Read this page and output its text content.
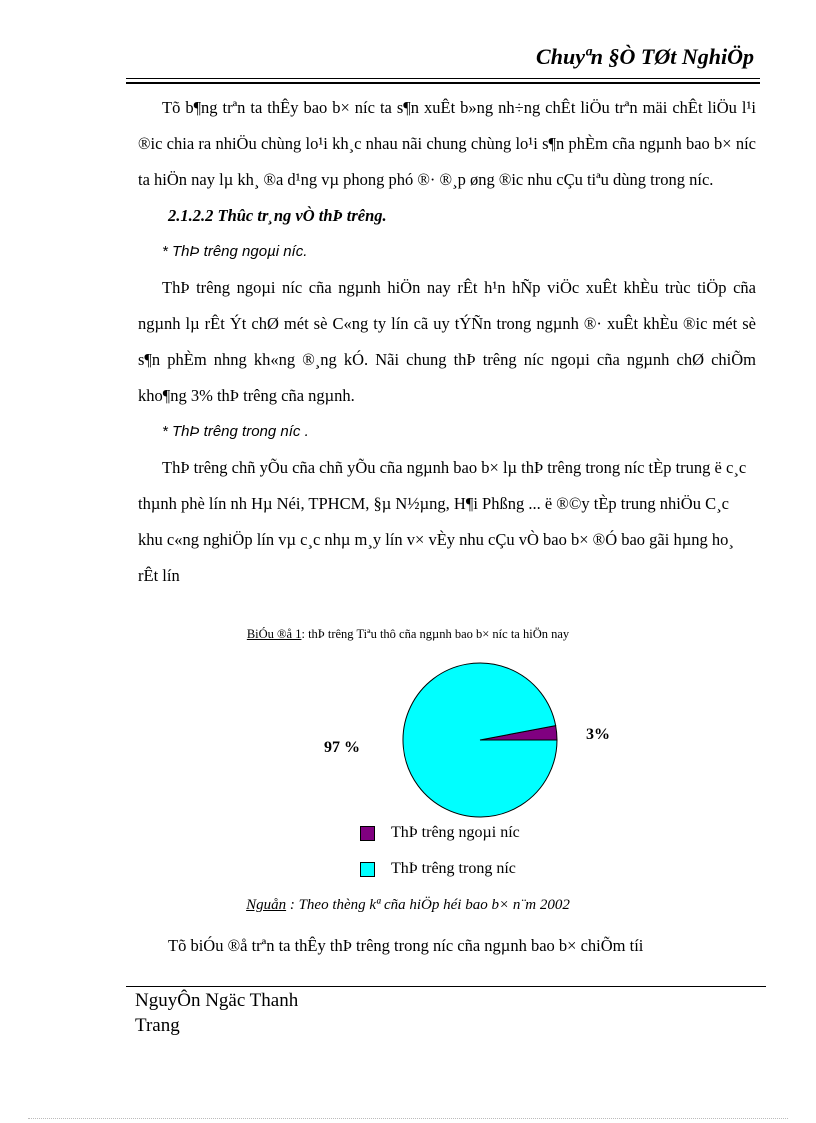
Chuyªn §Ò TØt NghiÖp

Tõ b¶ng trªn ta thÊy bao b× níc ta s¶n xuÊt b»ng nh÷ng chÊt liÖu trªn mäi chÊt liÖu l¹i ®ic chia ra nhiÖu chùng lo¹i kh¸c nhau nãi chung chùng lo¹i s¶n phÈm cña ngµnh bao b× níc ta hiÖn nay lµ kh¸ ®a d¹ng vµ phong phó ®· ®¸p øng ®ic nhu cÇu tiªu dùng trong níc.

2.1.2.2 Thûc tr¸ng vÒ thÞ trêng.

* ThÞ trêng ngoµi níc.

ThÞ trêng ngoµi níc cña ngµnh hiÖn nay rÊt h¹n hÑp viÖc xuÊt khÈu trùc tiÖp cña ngµnh lµ rÊt Ýt chØ mét sè C«ng ty lín cã uy tÝÑn trong ngµnh ®· xuÊt khÈu ®ic mét sè s¶n phÈm nhng kh«ng ®¸ng kÓ. Nãi chung thÞ trêng níc ngoµi cña ngµnh chØ chiÕm kho¶ng 3% thÞ trêng cña ngµnh.

* ThÞ trêng trong níc .

ThÞ trêng chñ yÕu cña chñ yÕu cña ngµnh bao b× lµ thÞ trêng trong níc tÈp trung ë c¸c thµnh phè lín nh Hµ Néi, TPHCM, §µ N½µng, H¶i Phßng ... ë ®©y tÈp trung nhiÖu C¸c khu c«ng nghiÖp lín vµ c¸c nhµ m¸y lín v× vÈy nhu cÇu vÒ bao b× ®Ó bao gãi hµng ho¸ rÊt lín

BiÓu ®å 1: thÞ trêng Tiªu thô cña ngµnh bao b× níc ta hiÖn nay
3%
97 %
ThÞ trêng ngoµi níc
ThÞ trêng trong níc
Nguån : Theo thèng kª cña hiÖp héi bao b× n¨m 2002
Tõ biÓu ®å trªn ta thÊy thÞ trêng trong níc cña ngµnh bao b× chiÕm tíi
NguyÔn Ngäc Thanh
Trang
